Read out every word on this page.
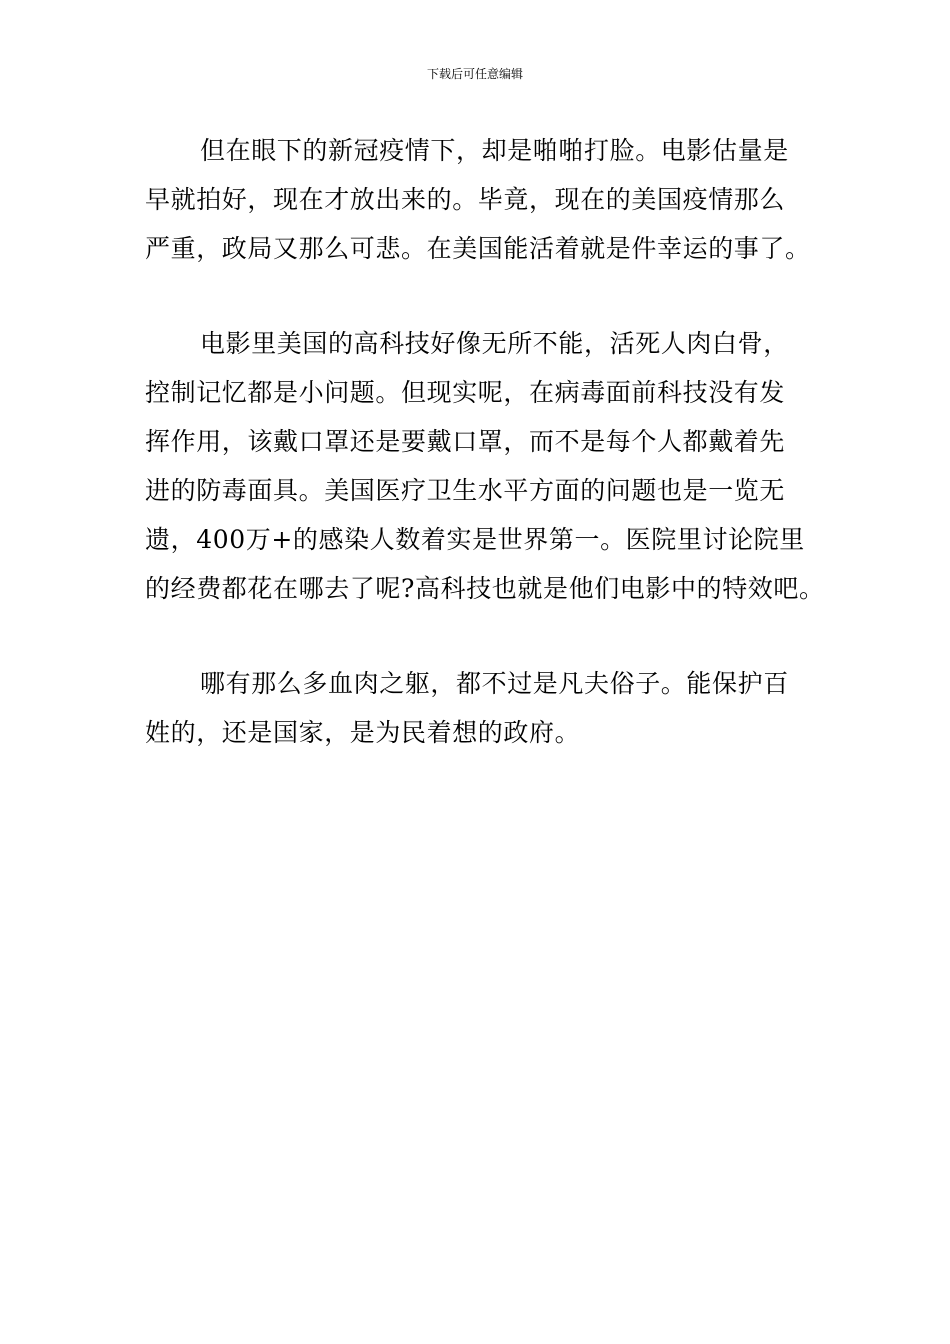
下载后可任意编辑
但在眼下的新冠疫情下，却是啪啪打脸。电影估量是
早就拍好，现在才放出来的。毕竟，现在的美国疫情那么
严重，政局又那么可悲。在美国能活着就是件幸运的事了。
电影里美国的高科技好像无所不能，活死人肉白骨，
控制记忆都是小问题。但现实呢，在病毒面前科技没有发
挥作用，该戴口罩还是要戴口罩，而不是每个人都戴着先
进的防毒面具。美国医疗卫生水平方面的问题也是一览无
遗，400万+的感染人数着实是世界第一。医院里讨论院里
的经费都花在哪去了呢?高科技也就是他们电影中的特效吧。
哪有那么多血肉之躯，都不过是凡夫俗子。能保护百
姓的，还是国家，是为民着想的政府。
